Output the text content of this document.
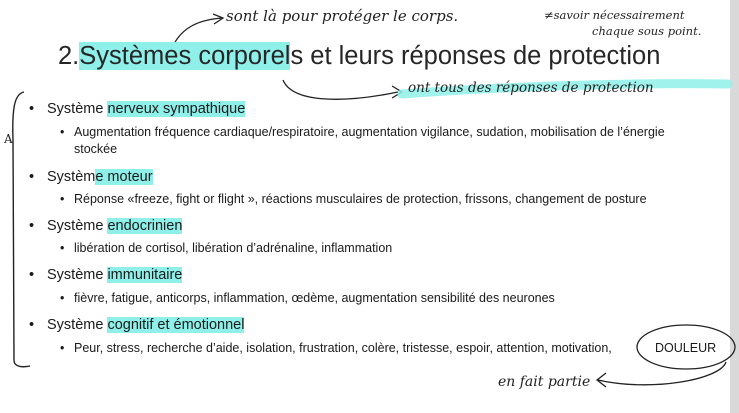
sont là pour protéger le corps.	≠savoir nécessairement
chaque sous point.
ont tous des réponses de protection
en fait partie
A
2.Systèmes corporels et leurs réponses de protection
• Système nerveux sympathique
• Augmentation fréquence cardiaque/respiratoire, augmentation vigilance, sudation, mobilisation de l’énergie stockée
• Système moteur
• Réponse «freeze, fight or flight », réactions musculaires de protection, frissons, changement de posture
• Système endocrinien
• libération de cortisol, libération d’adrénaline, inflammation
• Système immunitaire
• fièvre, fatigue, anticorps, inflammation, œdème, augmentation sensibilité des neurones
• Système cognitif et émotionnel
• Peur, stress, recherche d’aide, isolation, frustration, colère, tristesse, espoir, attention, motivation,	DOULEUR
